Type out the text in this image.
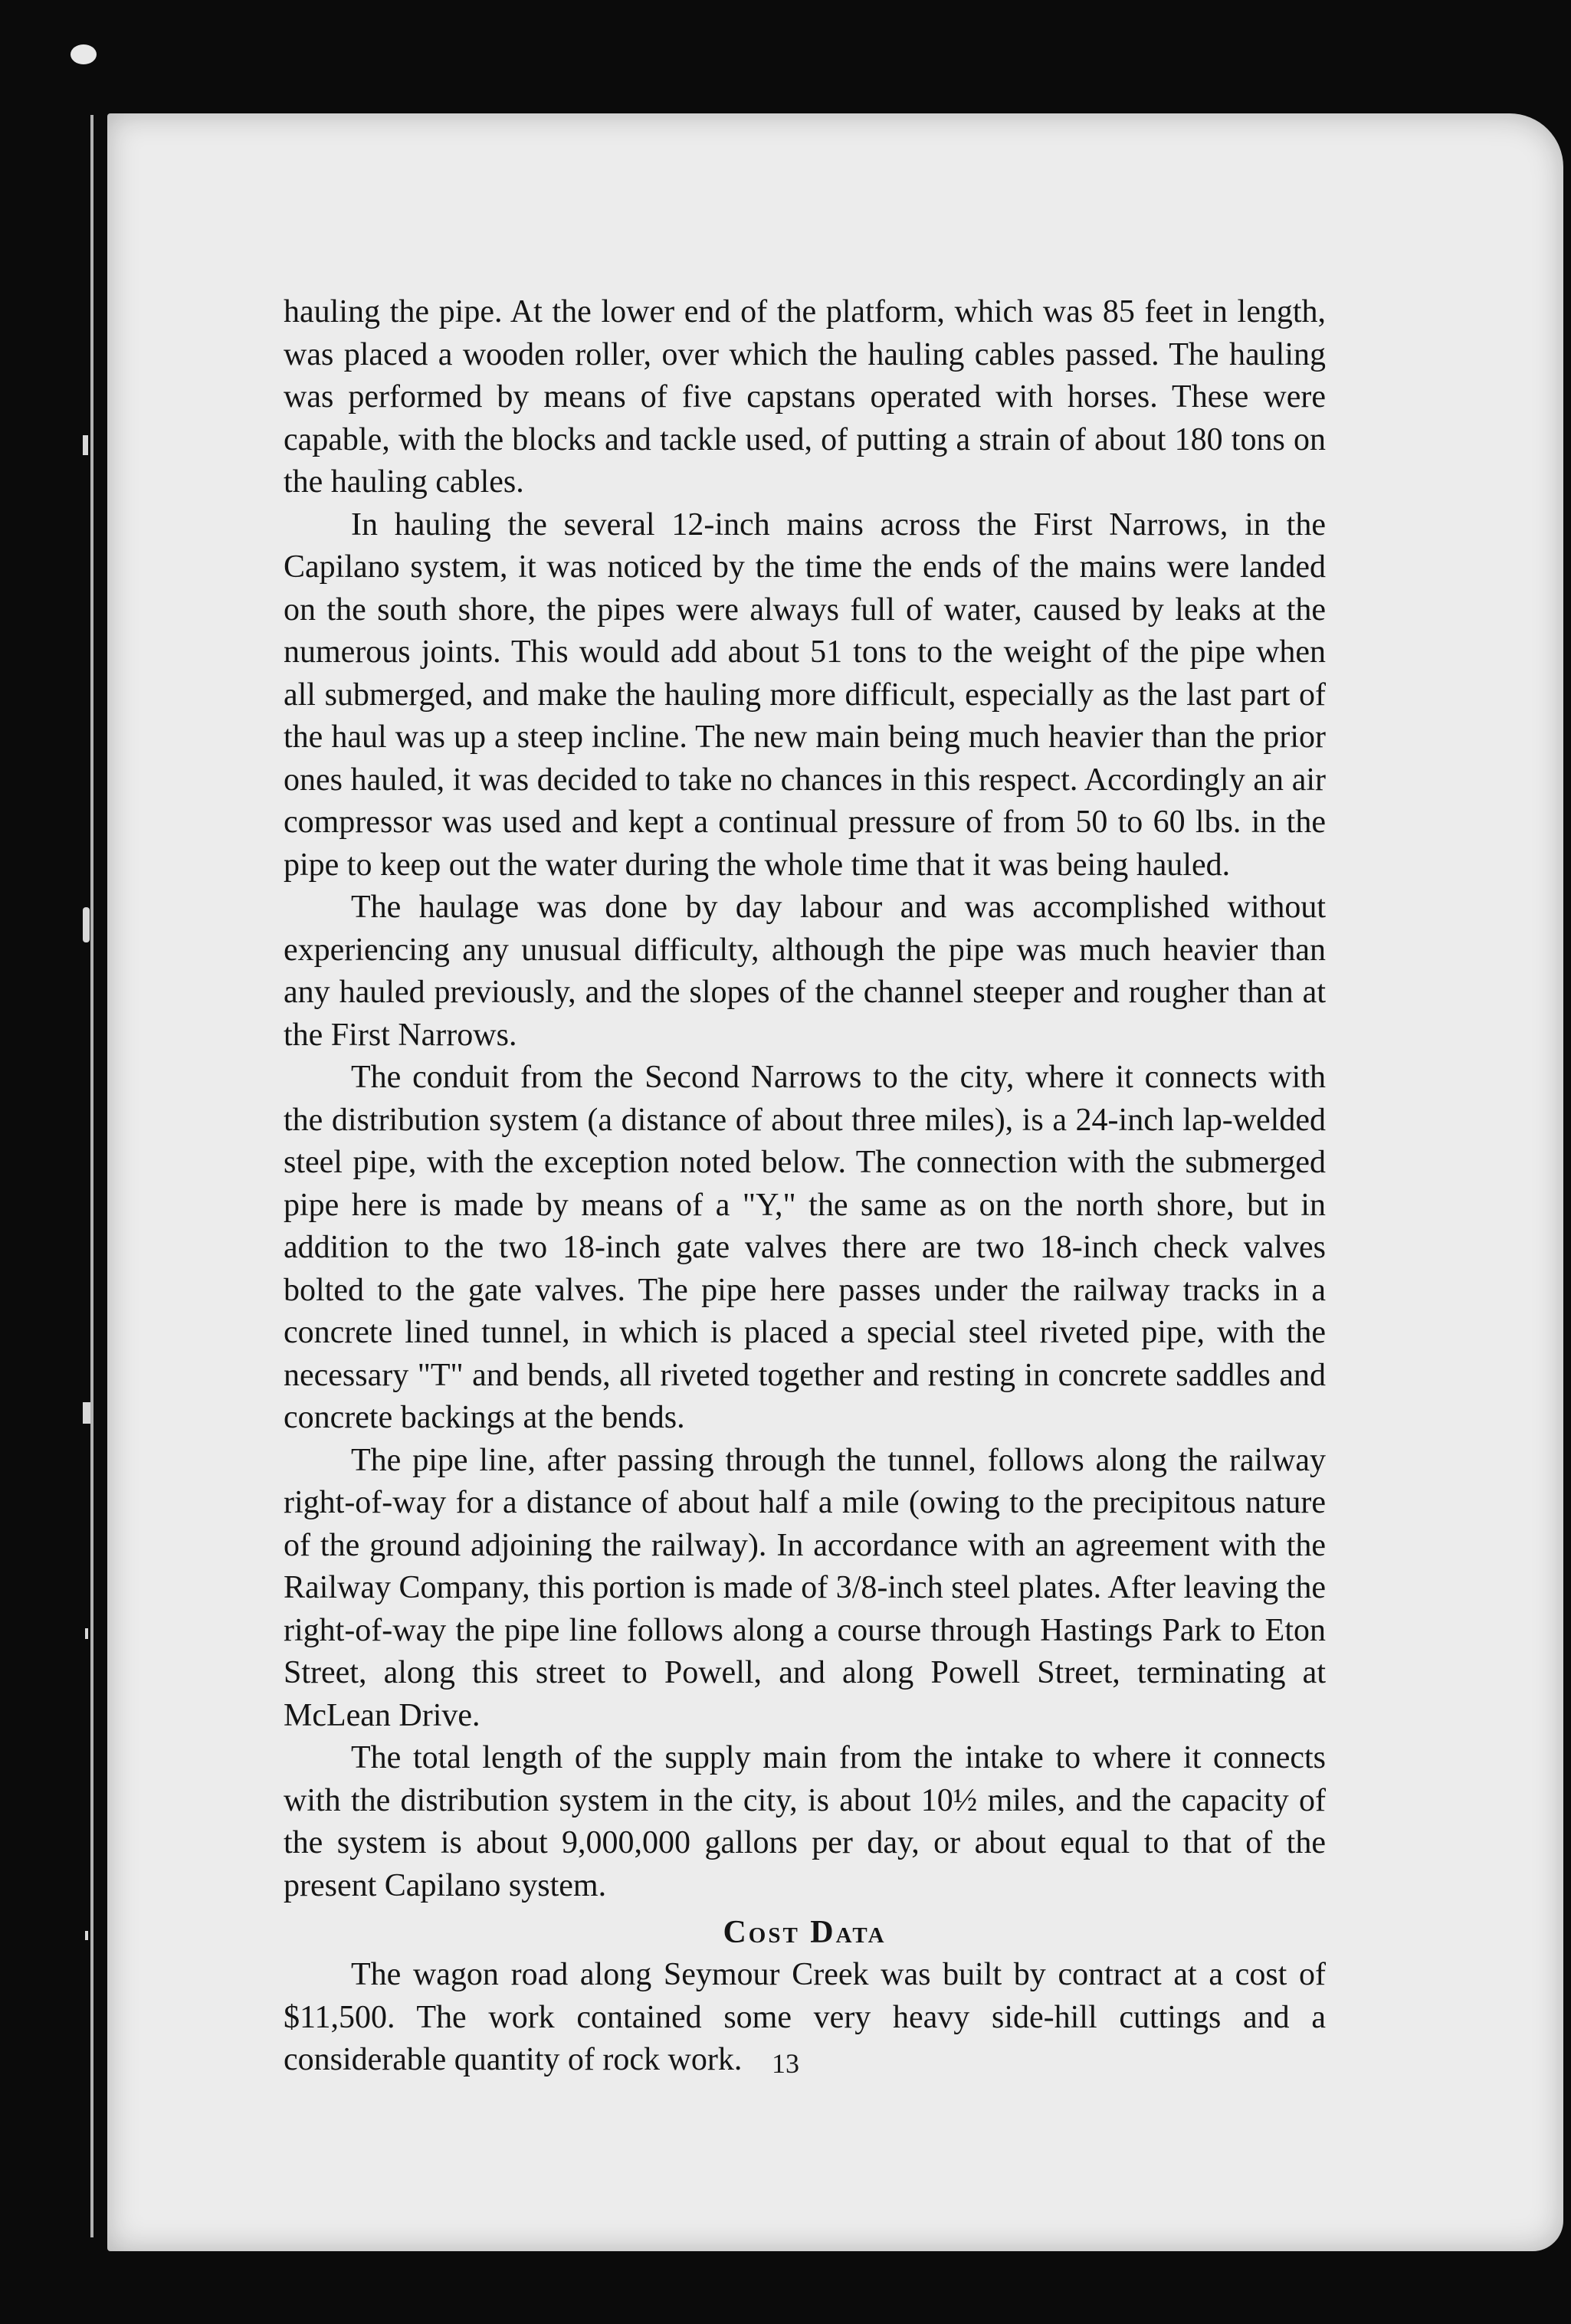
hauling the pipe. At the lower end of the platform, which was 85 feet in length, was placed a wooden roller, over which the hauling cables passed. The hauling was performed by means of five capstans operated with horses. These were capable, with the blocks and tackle used, of putting a strain of about 180 tons on the hauling cables.

In hauling the several 12-inch mains across the First Narrows, in the Capilano system, it was noticed by the time the ends of the mains were landed on the south shore, the pipes were always full of water, caused by leaks at the numerous joints. This would add about 51 tons to the weight of the pipe when all submerged, and make the hauling more difficult, especially as the last part of the haul was up a steep incline. The new main being much heavier than the prior ones hauled, it was decided to take no chances in this respect. Accordingly an air compressor was used and kept a continual pressure of from 50 to 60 lbs. in the pipe to keep out the water during the whole time that it was being hauled.

The haulage was done by day labour and was accomplished without experiencing any unusual difficulty, although the pipe was much heavier than any hauled previously, and the slopes of the channel steeper and rougher than at the First Narrows.

The conduit from the Second Narrows to the city, where it connects with the distribution system (a distance of about three miles), is a 24-inch lap-welded steel pipe, with the exception noted below. The connection with the submerged pipe here is made by means of a "Y," the same as on the north shore, but in addition to the two 18-inch gate valves there are two 18-inch check valves bolted to the gate valves. The pipe here passes under the railway tracks in a concrete lined tunnel, in which is placed a special steel riveted pipe, with the necessary "T" and bends, all riveted together and resting in concrete saddles and concrete backings at the bends.

The pipe line, after passing through the tunnel, follows along the railway right-of-way for a distance of about half a mile (owing to the precipitous nature of the ground adjoining the railway). In accordance with an agreement with the Railway Company, this portion is made of 3/8-inch steel plates. After leaving the right-of-way the pipe line follows along a course through Hastings Park to Eton Street, along this street to Powell, and along Powell Street, terminating at McLean Drive.

The total length of the supply main from the intake to where it connects with the distribution system in the city, is about 10½ miles, and the capacity of the system is about 9,000,000 gallons per day, or about equal to that of the present Capilano system.

Cost Data

The wagon road along Seymour Creek was built by contract at a cost of $11,500. The work contained some very heavy side-hill cuttings and a considerable quantity of rock work.	13
